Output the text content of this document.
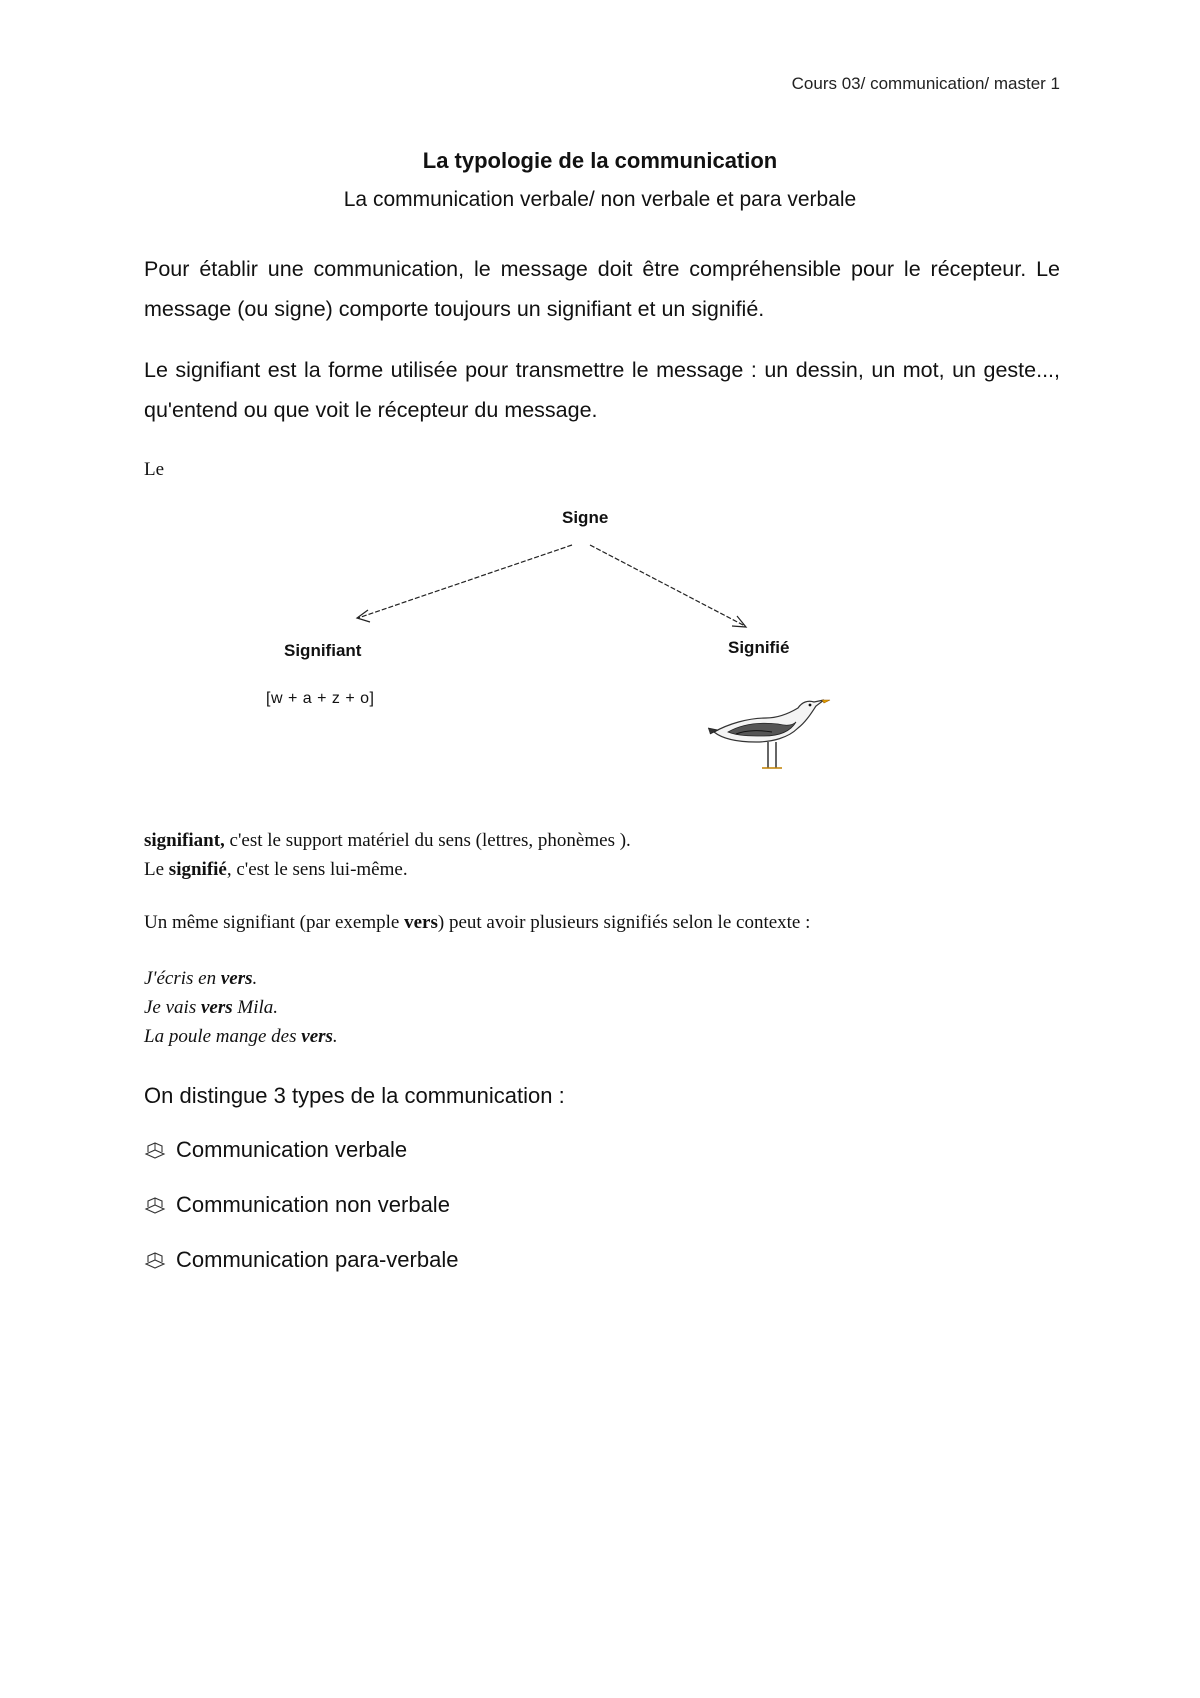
Cours 03/ communication/ master 1
La typologie de la communication
La communication verbale/ non verbale et para verbale
Pour établir une communication, le message doit être compréhensible pour le récepteur. Le message (ou signe) comporte toujours un signifiant et un signifié.
Le signifiant est la forme utilisée pour transmettre le message : un dessin, un mot, un geste..., qu'entend ou que voit le récepteur du message.
Le
Signe
Signifiant	Signifié
[w + a + z + o]
signifiant, c'est le support matériel du sens (lettres, phonèmes ).
Le signifié, c'est le sens lui-même.
Un même signifiant (par exemple vers) peut avoir plusieurs signifiés selon le contexte :
J'écris en vers.
Je vais vers Mila.
La poule mange des vers.
On distingue 3 types de la communication :
Communication verbale
Communication non verbale
Communication para-verbale
